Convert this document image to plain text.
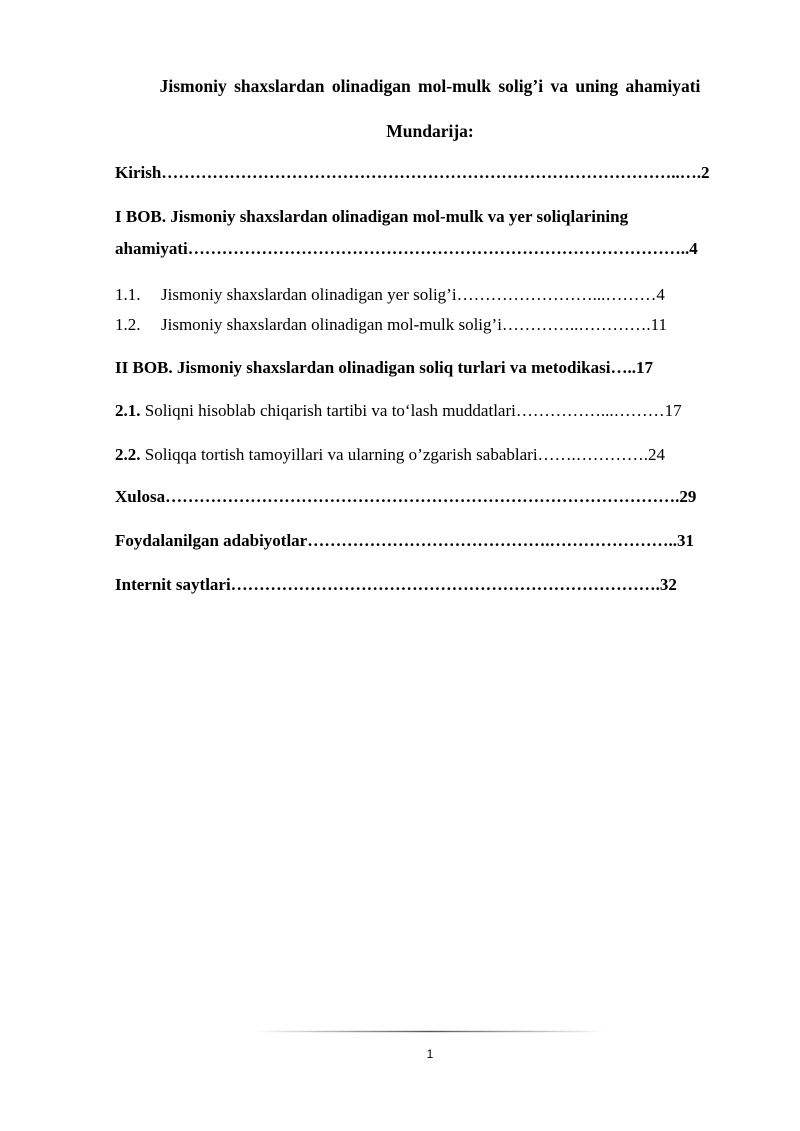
Jismoniy shaxslardan olinadigan mol-mulk solig’i va uning ahamiyati
Mundarija:
Kirish………………………………………………………………………………..….2
I BOB. Jismoniy shaxslardan olinadigan mol-mulk va yer soliqlarining
ahamiyati……………………………………………………………………………..4
1.1. Jismoniy shaxslardan olinadigan yer solig’i……………………...………4
1.2. Jismoniy shaxslardan olinadigan mol-mulk solig’i…………..………….11
II BOB. Jismoniy shaxslardan olinadigan soliq turlari va metodikasi…..17
2.1. Soliqni hisoblab chiqarish tartibi va to‘lash muddatlari……………...………17
2.2. Soliqqa tortish tamoyillari va ularning o’zgarish sabablari…….………….24
Xulosa……………………………………………………………………………….29
Foydalanilgan adabiyotlar…………………………………….…………………..31
Internit saytlari………………………………………………………………….32
1
